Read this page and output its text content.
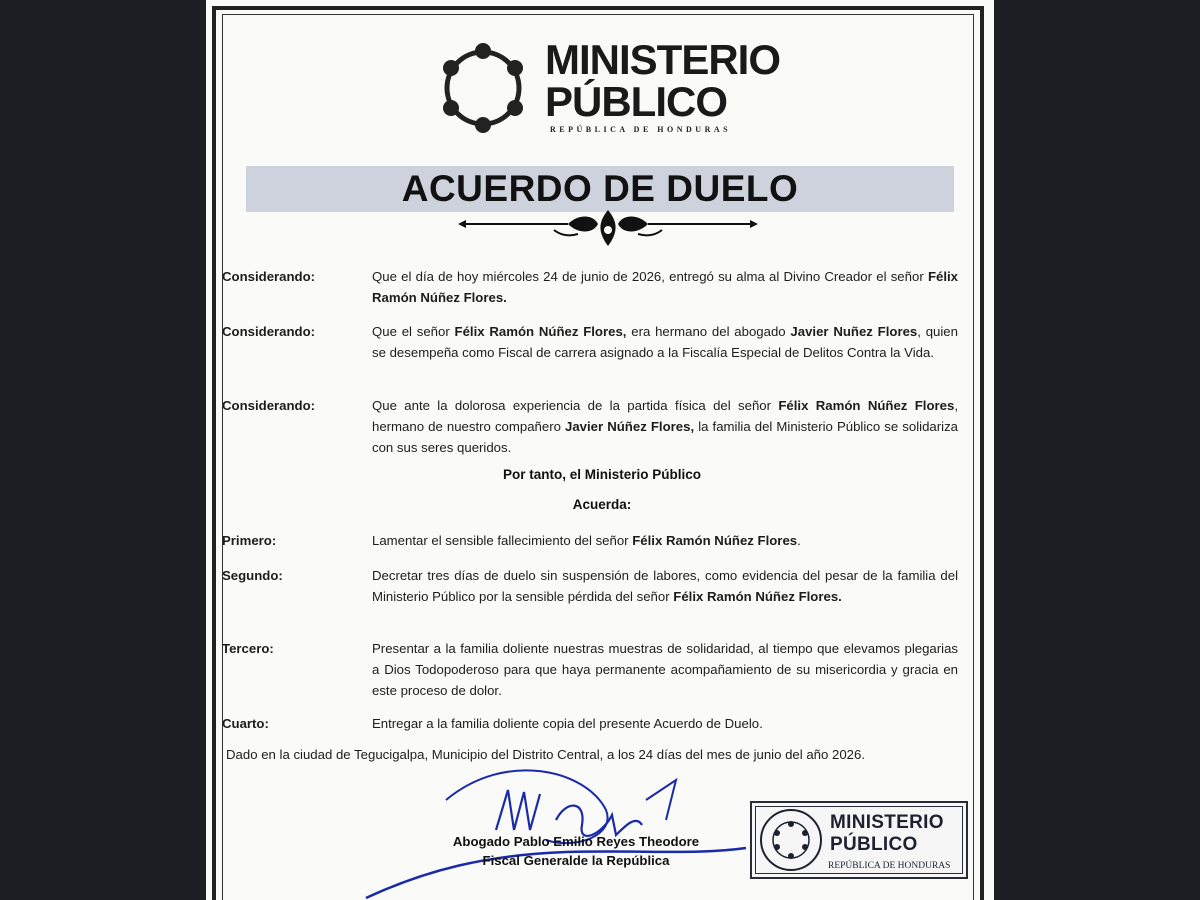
MINISTERIO
PÚBLICO
REPÚBLICA DE HONDURAS
ACUERDO DE DUELO
Considerando:	Que el día de hoy miércoles 24 de junio de 2026, entregó su alma al Divino Creador el señor Félix Ramón Núñez Flores.
Considerando:	Que el señor Félix Ramón Núñez Flores, era hermano del abogado Javier Nuñez Flores, quien se desempeña como Fiscal de carrera asignado a la Fiscalía Especial de Delitos Contra la Vida.
Considerando:	Que ante la dolorosa experiencia de la partida física del señor Félix Ramón Núñez Flores, hermano de nuestro compañero Javier Núñez Flores, la familia del Ministerio Público se solidariza con sus seres queridos.
Por tanto, el Ministerio Público
Acuerda:
Primero:	Lamentar el sensible fallecimiento del señor Félix Ramón Núñez Flores.
Segundo:	Decretar tres días de duelo sin suspensión de labores, como evidencia del pesar de la familia del Ministerio Público por la sensible pérdida del señor Félix Ramón Núñez Flores.
Tercero:	Presentar a la familia doliente nuestras muestras de solidaridad, al tiempo que elevamos plegarias a Dios Todopoderoso para que haya permanente acompañamiento de su misericordia y gracia en este proceso de dolor.
Cuarto:	Entregar a la familia doliente copia del presente Acuerdo de Duelo.
Dado en la ciudad de Tegucigalpa, Municipio del Distrito Central, a los 24 días del mes de junio del año 2026.
Abogado Pablo Emilio Reyes Theodore
Fiscal Generalde la República
MINISTERIO
PÚBLICO
REPÚBLICA DE HONDURAS
